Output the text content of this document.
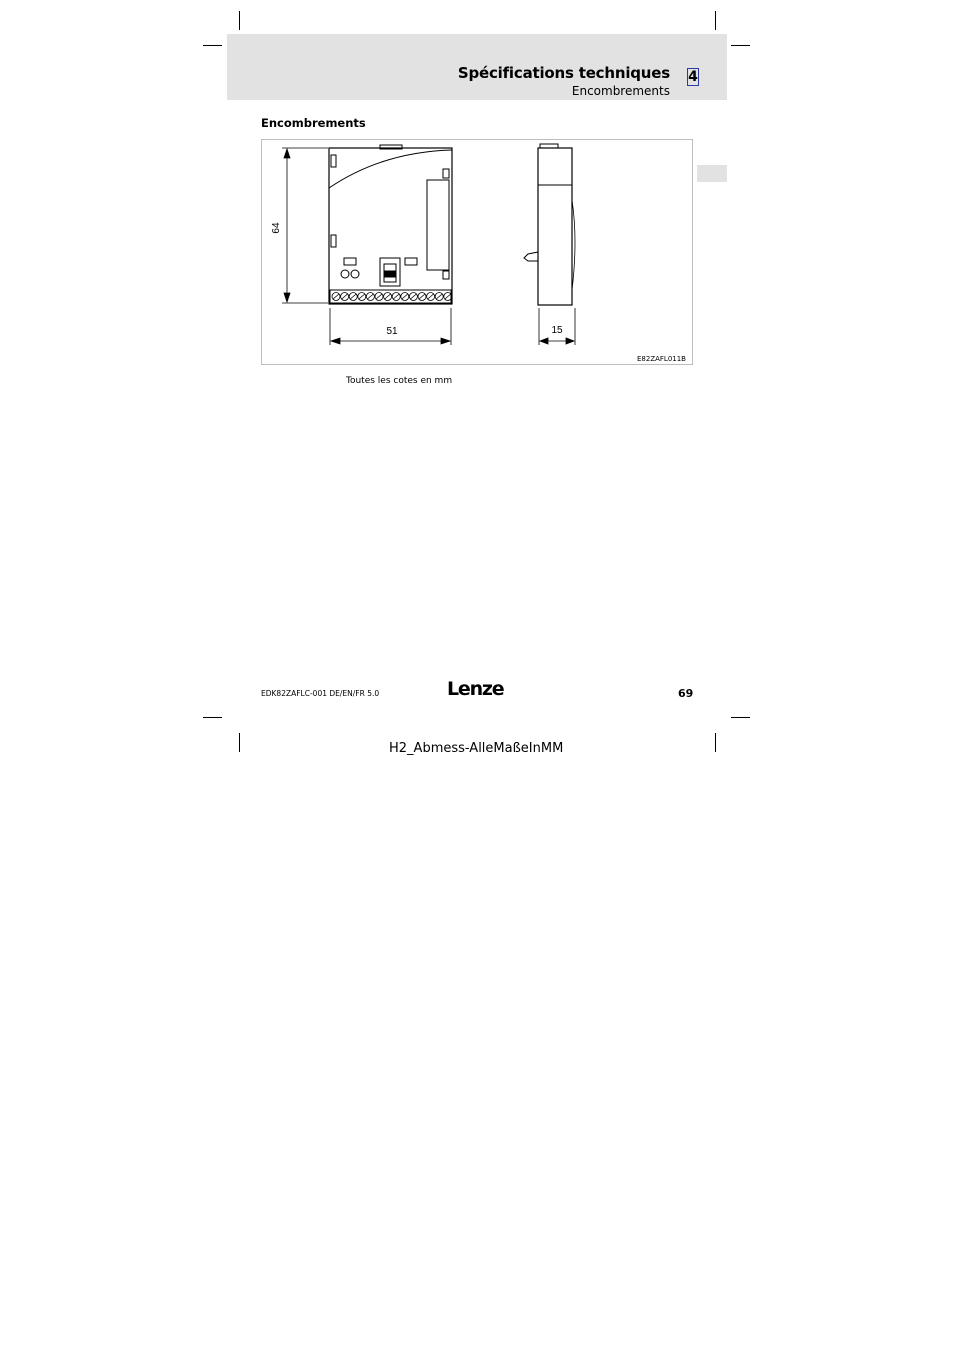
Spécifications techniques
Encombrements
4
Encombrements
64
51	15
E82ZAFL011B
Toutes les cotes en mm
EDK82ZAFLC-001 DE/EN/FR 5.0	Lenze	69
H2_Abmess-AlleMaßeInMM
